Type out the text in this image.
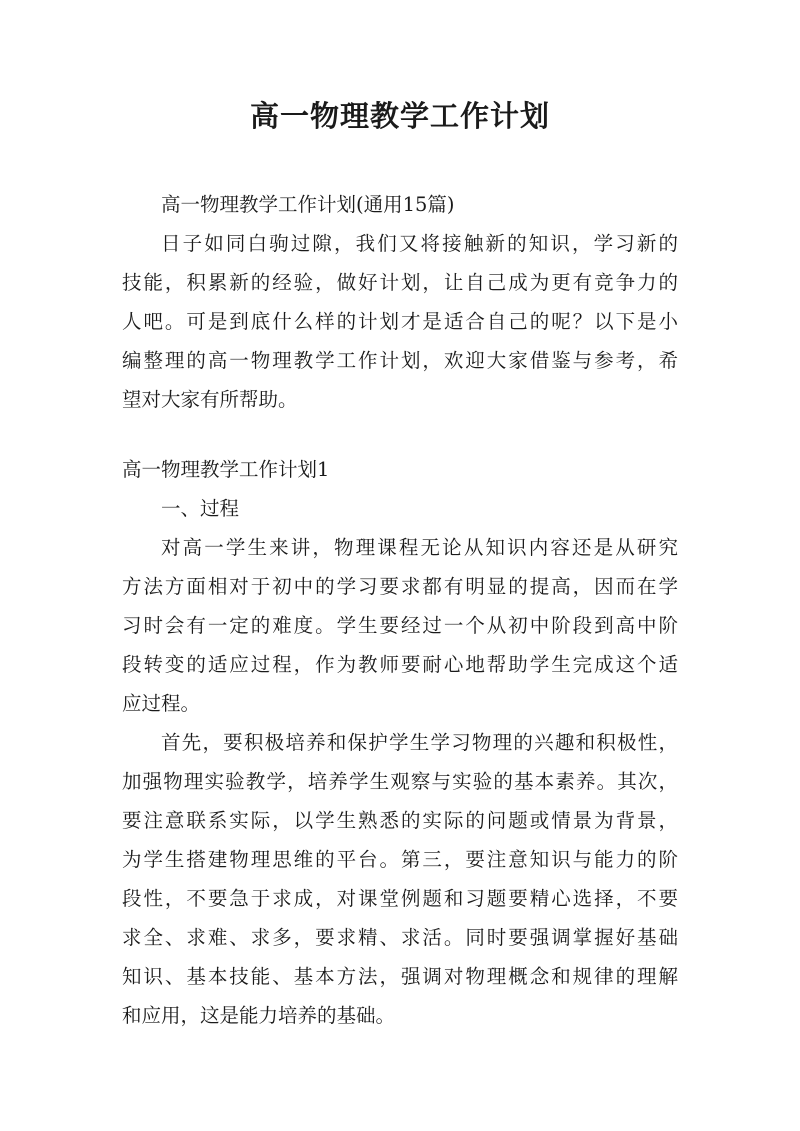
高一物理教学工作计划
高一物理教学工作计划(通用15篇)
日子如同白驹过隙，我们又将接触新的知识，学习新的
技能，积累新的经验，做好计划，让自己成为更有竞争力的
人吧。可是到底什么样的计划才是适合自己的呢？以下是小
编整理的高一物理教学工作计划，欢迎大家借鉴与参考，希
望对大家有所帮助。
高一物理教学工作计划1
一、过程
对高一学生来讲，物理课程无论从知识内容还是从研究
方法方面相对于初中的学习要求都有明显的提高，因而在学
习时会有一定的难度。学生要经过一个从初中阶段到高中阶
段转变的适应过程，作为教师要耐心地帮助学生完成这个适
应过程。
首先，要积极培养和保护学生学习物理的兴趣和积极性，
加强物理实验教学，培养学生观察与实验的基本素养。其次，
要注意联系实际，以学生熟悉的实际的问题或情景为背景，
为学生搭建物理思维的平台。第三，要注意知识与能力的阶
段性，不要急于求成，对课堂例题和习题要精心选择，不要
求全、求难、求多，要求精、求活。同时要强调掌握好基础
知识、基本技能、基本方法，强调对物理概念和规律的理解
和应用，这是能力培养的基础。
